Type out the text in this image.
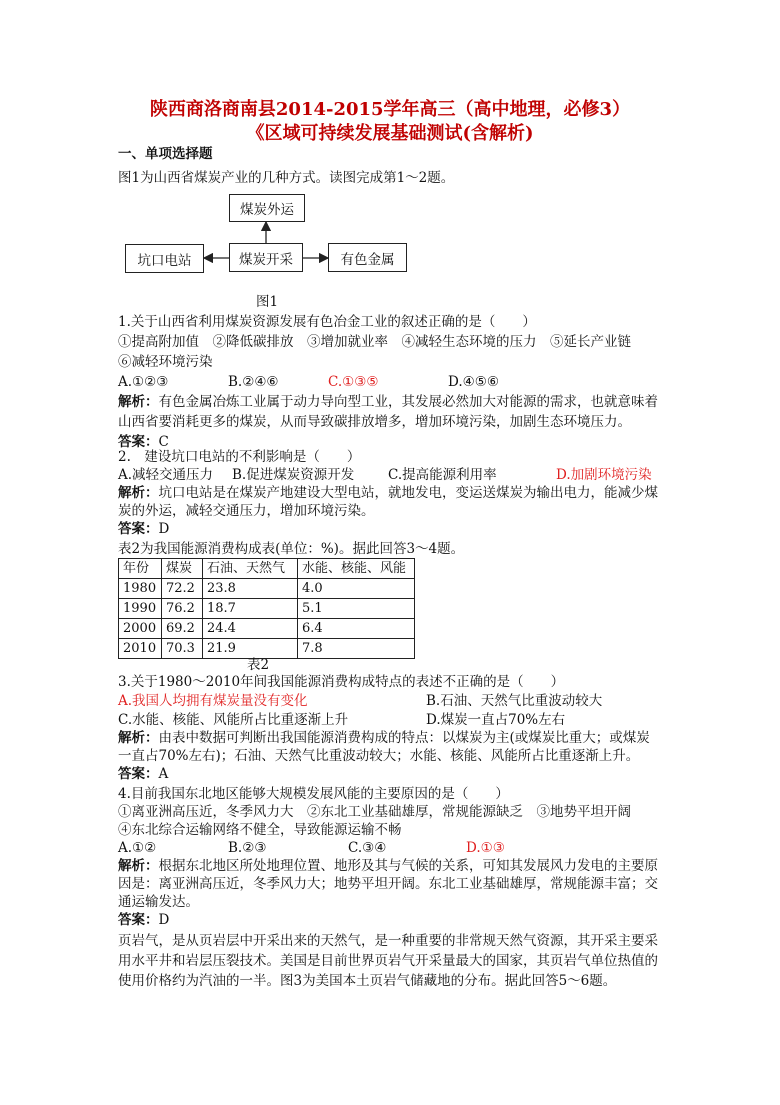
陕西商洛商南县2014-2015学年高三（高中地理，必修3）
《区域可持续发展基础测试(含解析)
一、单项选择题
图1为山西省煤炭产业的几种方式。读图完成第1～2题。
煤炭外运
煤炭开采
坑口电站	有色金属
图1
1.关于山西省利用煤炭资源发展有色冶金工业的叙述正确的是（　　）
①提高附加值　②降低碳排放　③增加就业率　④减轻生态环境的压力　⑤延长产业链
⑥减轻环境污染
A.①②③	B.②④⑥	C.①③⑤	D.④⑤⑥
解析：有色金属冶炼工业属于动力导向型工业，其发展必然加大对能源的需求，也就意味着
山西省要消耗更多的煤炭，从而导致碳排放增多，增加环境污染，加剧生态环境压力。
答案：C
2.　建设坑口电站的不利影响是（　　）
A.减轻交通压力 B.促进煤炭资源开发	C.提高能源利用率	D.加剧环境污染
解析：坑口电站是在煤炭产地建设大型电站，就地发电，变运送煤炭为输出电力，能减少煤
炭的外运，减轻交通压力，增加环境污染。
答案：D
表2为我国能源消费构成表(单位：%)。据此回答3～4题。
年份	煤炭	石油、天然气	水能、核能、风能
1980	72.2	23.8	4.0
1990	76.2	18.7	5.1
2000	69.2	24.4	6.4
2010	70.3	21.9	7.8
表2
3.关于1980～2010年间我国能源消费构成特点的表述不正确的是（　　）
A.我国人均拥有煤炭量没有变化	B.石油、天然气比重波动较大
C.水能、核能、风能所占比重逐渐上升	D.煤炭一直占70%左右
解析：由表中数据可判断出我国能源消费构成的特点：以煤炭为主(或煤炭比重大；或煤炭
一直占70%左右)；石油、天然气比重波动较大；水能、核能、风能所占比重逐渐上升。
答案：A
4.目前我国东北地区能够大规模发展风能的主要原因的是（　　）
①离亚洲高压近，冬季风力大　②东北工业基础雄厚，常规能源缺乏　③地势平坦开阔
④东北综合运输网络不健全，导致能源运输不畅
A.①②	B.②③	C.③④	D.①③
解析：根据东北地区所处地理位置、地形及其与气候的关系，可知其发展风力发电的主要原
因是：离亚洲高压近，冬季风力大；地势平坦开阔。东北工业基础雄厚，常规能源丰富；交
通运输发达。
答案：D
页岩气，是从页岩层中开采出来的天然气，是一种重要的非常规天然气资源，其开采主要采
用水平井和岩层压裂技术。美国是目前世界页岩气开采量最大的国家，其页岩气单位热值的
使用价格约为汽油的一半。图3为美国本土页岩气储藏地的分布。据此回答5～6题。
